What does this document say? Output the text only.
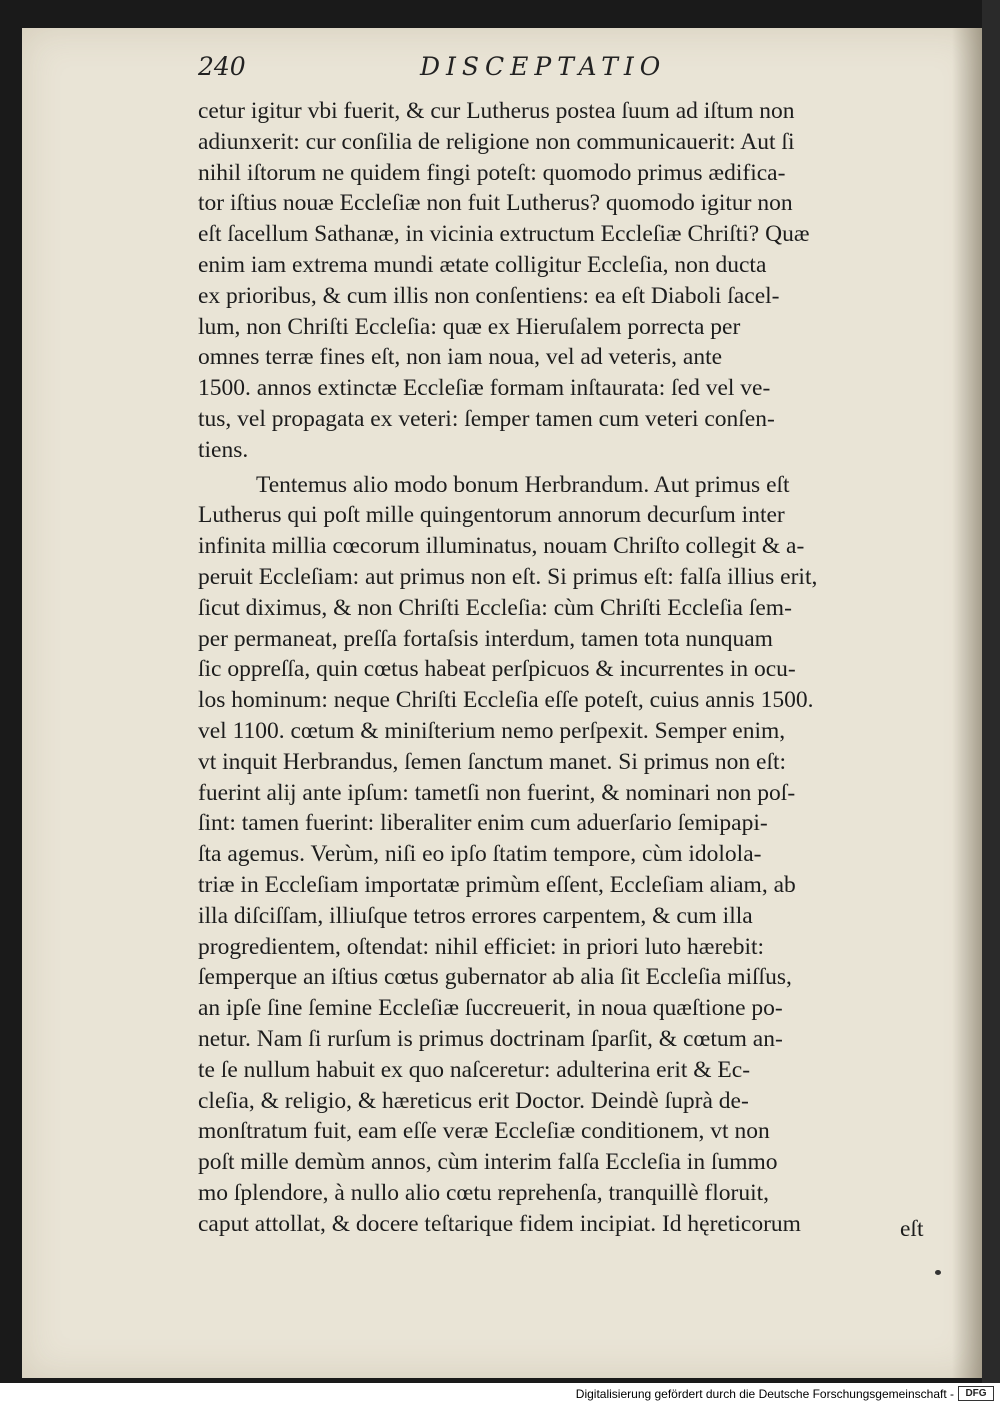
240	DISCEPTATIO
cetur igitur vbi fuerit, & cur Lutherus postea ſuum ad iſtum non
adiunxerit: cur conſilia de religione non communicauerit: Aut ſi
nihil iſtorum ne quidem fingi poteſt: quomodo primus ædifica-
tor iſtius nouæ Eccleſiæ non fuit Lutherus? quomodo igitur non
eſt ſacellum Sathanæ, in vicinia extructum Eccleſiæ Chriſti? Quæ
enim iam extrema mundi ætate colligitur Eccleſia, non ducta
ex prioribus, & cum illis non conſentiens: ea eſt Diaboli ſacel-
lum, non Chriſti Eccleſia: quæ ex Hieruſalem porrecta per
omnes terræ fines eſt, non iam noua, vel ad veteris, ante
1500. annos extinctæ Eccleſiæ formam inſtaurata: ſed vel ve-
tus, vel propagata ex veteri: ſemper tamen cum veteri conſen-
tiens.
Tentemus alio modo bonum Herbrandum. Aut primus eſt
Lutherus qui poſt mille quingentorum annorum decurſum inter
infinita millia cœcorum illuminatus, nouam Chriſto collegit & a-
peruit Eccleſiam: aut primus non eſt. Si primus eſt: falſa illius erit,
ſicut diximus, & non Chriſti Eccleſia: cùm Chriſti Eccleſia ſem-
per permaneat, preſſa fortaſsis interdum, tamen tota nunquam
ſic oppreſſa, quin cœtus habeat perſpicuos & incurrentes in ocu-
los hominum: neque Chriſti Eccleſia eſſe poteſt, cuius annis 1500.
vel 1100. cœtum & miniſterium nemo perſpexit. Semper enim,
vt inquit Herbrandus, ſemen ſanctum manet. Si primus non eſt:
fuerint alij ante ipſum: tametſi non fuerint, & nominari non poſ-
ſint: tamen fuerint: liberaliter enim cum aduerſario ſemipapi-
ſta agemus. Verùm, niſi eo ipſo ſtatim tempore, cùm idolola-
triæ in Eccleſiam importatæ primùm eſſent, Eccleſiam aliam, ab
illa diſciſſam, illiuſque tetros errores carpentem, & cum illa
progredientem, oſtendat: nihil efficiet: in priori luto hærebit:
ſemperque an iſtius cœtus gubernator ab alia ſit Eccleſia miſſus,
an ipſe ſine ſemine Eccleſiæ ſuccreuerit, in noua quæſtione po-
netur. Nam ſi rurſum is primus doctrinam ſparſit, & cœtum an-
te ſe nullum habuit ex quo naſceretur: adulterina erit & Ec-
cleſia, & religio, & hæreticus erit Doctor. Deindè ſuprà de-
monſtratum fuit, eam eſſe veræ Eccleſiæ conditionem, vt non
poſt mille demùm annos, cùm interim falſa Eccleſia in ſummo
mo ſplendore, à nullo alio cœtu reprehenſa, tranquillè floruit,
caput attollat, & docere teſtarique fidem incipiat. Id hęreticorum	eſt
Digitalisierung gefördert durch die Deutsche Forschungsgemeinschaft -	DFG
